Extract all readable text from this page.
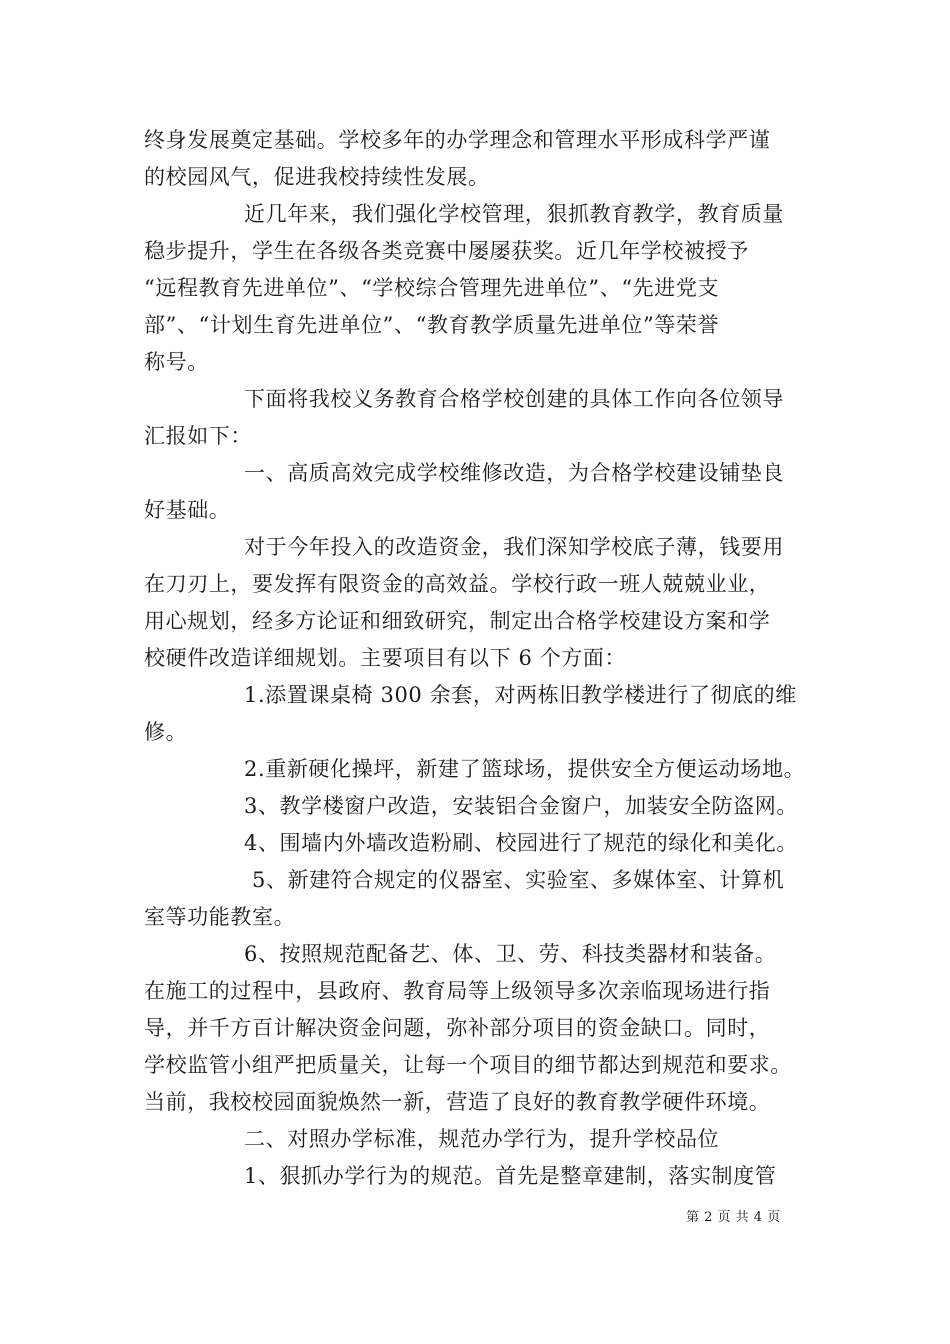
终身发展奠定基础。学校多年的办学理念和管理水平形成科学严谨
的校园风气，促进我校持续性发展。
近几年来，我们强化学校管理，狠抓教育教学，教育质量
稳步提升，学生在各级各类竞赛中屡屡获奖。近几年学校被授予
“远程教育先进单位”、“学校综合管理先进单位”、“先进党支
部”、“计划生育先进单位”、“教育教学质量先进单位”等荣誉
称号。
下面将我校义务教育合格学校创建的具体工作向各位领导
汇报如下：
一、高质高效完成学校维修改造，为合格学校建设铺垫良
好基础。
对于今年投入的改造资金，我们深知学校底子薄，钱要用
在刀刃上，要发挥有限资金的高效益。学校行政一班人兢兢业业，
用心规划，经多方论证和细致研究，制定出合格学校建设方案和学
校硬件改造详细规划。主要项目有以下 6 个方面：
1.添置课桌椅 300 余套，对两栋旧教学楼进行了彻底的维
修。
2.重新硬化操坪，新建了篮球场，提供安全方便运动场地。
3、教学楼窗户改造，安装铝合金窗户，加装安全防盗网。
4、围墙内外墙改造粉刷、校园进行了规范的绿化和美化。
5、新建符合规定的仪器室、实验室、多媒体室、计算机
室等功能教室。
6、按照规范配备艺、体、卫、劳、科技类器材和装备。
在施工的过程中，县政府、教育局等上级领导多次亲临现场进行指
导，并千方百计解决资金问题，弥补部分项目的资金缺口。同时，
学校监管小组严把质量关，让每一个项目的细节都达到规范和要求。
当前，我校校园面貌焕然一新，营造了良好的教育教学硬件环境。
二、对照办学标准，规范办学行为，提升学校品位
1、狠抓办学行为的规范。首先是整章建制，落实制度管
第 2 页 共 4 页
